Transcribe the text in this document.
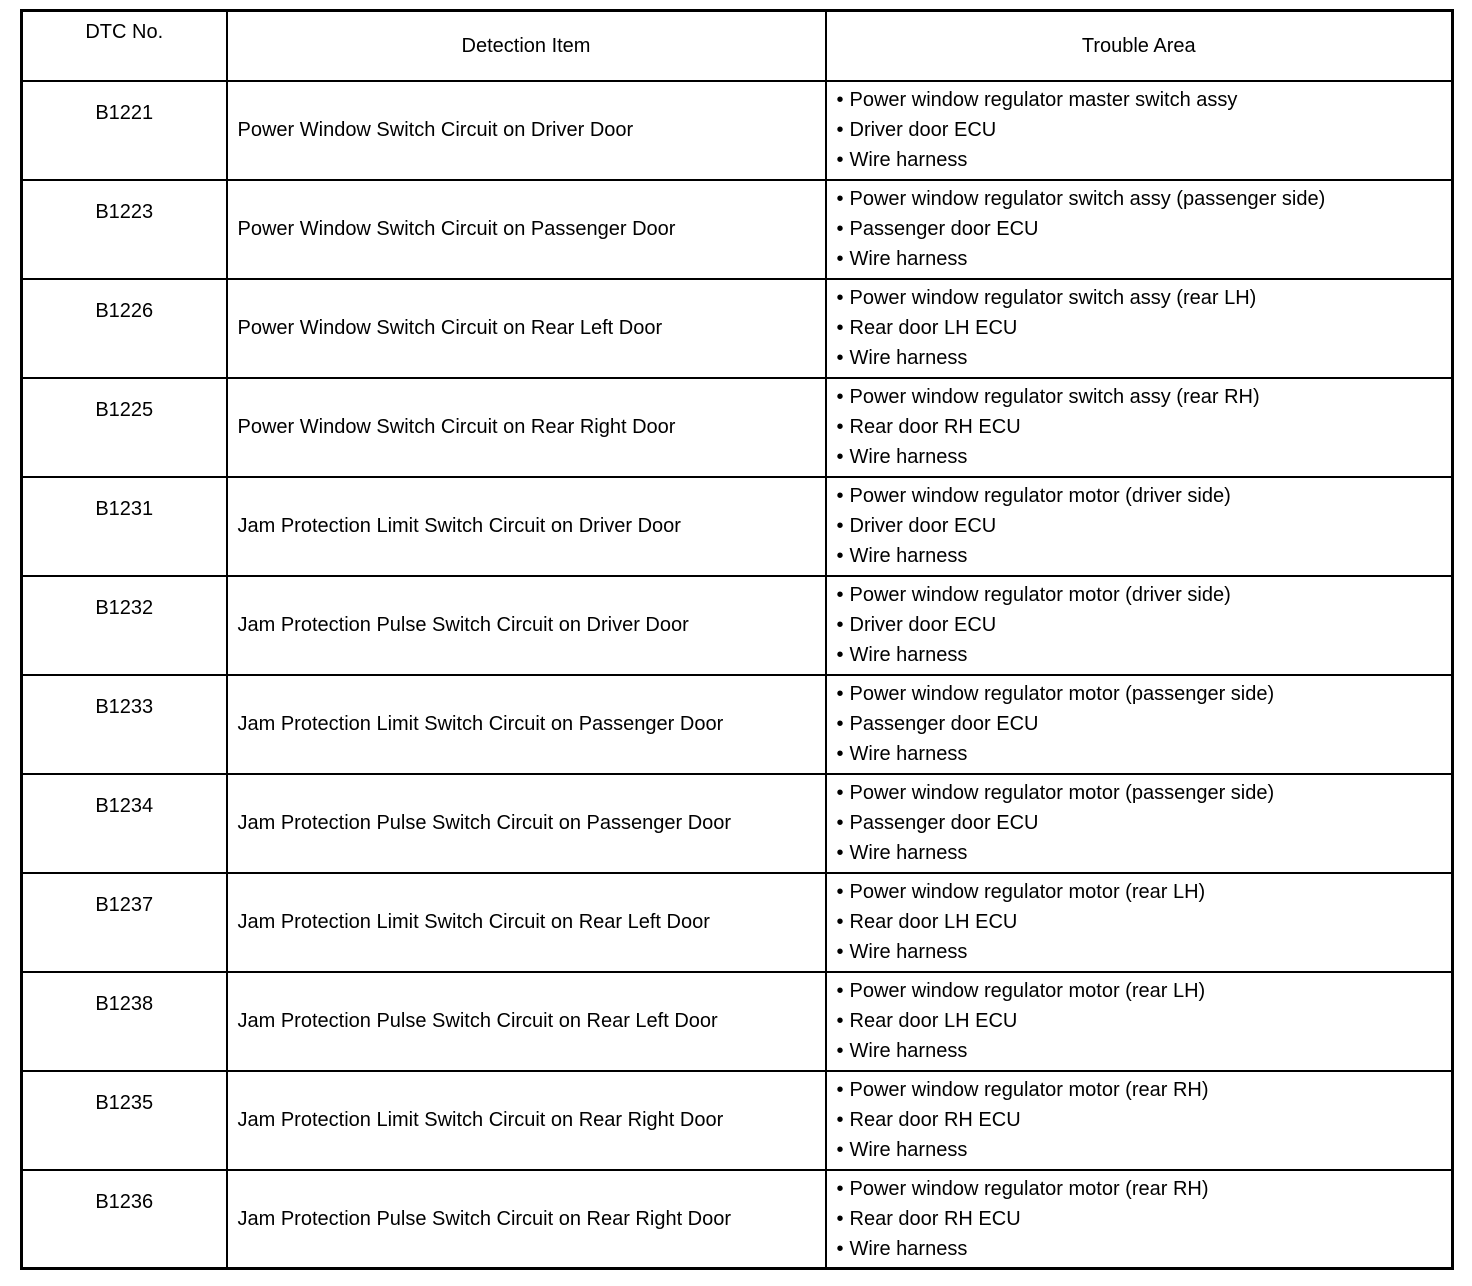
DTC No.	Detection Item	Trouble Area
B1221	Power Window Switch Circuit on Driver Door	• Power window regulator master switch assy
• Driver door ECU
• Wire harness

B1223	Power Window Switch Circuit on Passenger Door	• Power window regulator switch assy (passenger side)
• Passenger door ECU
• Wire harness

B1226	Power Window Switch Circuit on Rear Left Door	• Power window regulator switch assy (rear LH)
• Rear door LH ECU
• Wire harness

B1225	Power Window Switch Circuit on Rear Right Door	• Power window regulator switch assy (rear RH)
• Rear door RH ECU
• Wire harness

B1231	Jam Protection Limit Switch Circuit on Driver Door	• Power window regulator motor (driver side)
• Driver door ECU
• Wire harness

B1232	Jam Protection Pulse Switch Circuit on Driver Door	• Power window regulator motor (driver side)
• Driver door ECU
• Wire harness

B1233	Jam Protection Limit Switch Circuit on Passenger Door	• Power window regulator motor (passenger side)
• Passenger door ECU
• Wire harness

B1234	Jam Protection Pulse Switch Circuit on Passenger Door	• Power window regulator motor (passenger side)
• Passenger door ECU
• Wire harness

B1237	Jam Protection Limit Switch Circuit on Rear Left Door	• Power window regulator motor (rear LH)
• Rear door LH ECU
• Wire harness

B1238	Jam Protection Pulse Switch Circuit on Rear Left Door	• Power window regulator motor (rear LH)
• Rear door LH ECU
• Wire harness

B1235	Jam Protection Limit Switch Circuit on Rear Right Door	• Power window regulator motor (rear RH)
• Rear door RH ECU
• Wire harness

B1236	Jam Protection Pulse Switch Circuit on Rear Right Door	• Power window regulator motor (rear RH)
• Rear door RH ECU
• Wire harness
